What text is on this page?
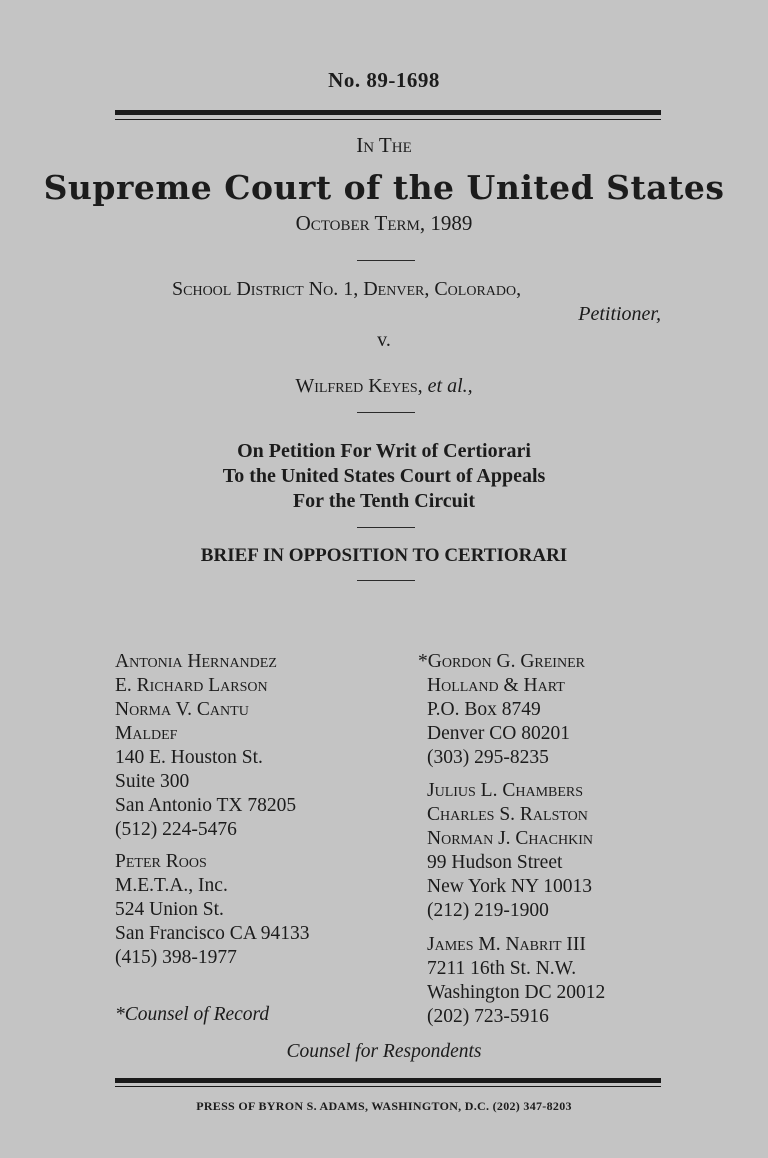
No. 89-1698
In The
Supreme Court of the United States
October Term, 1989
School District No. 1, Denver, Colorado,
Petitioner,
v.
Wilfred Keyes, et al.,
On Petition For Writ of Certiorari
To the United States Court of Appeals
For the Tenth Circuit
BRIEF IN OPPOSITION TO CERTIORARI
Antonia Hernandez
E. Richard Larson
Norma V. Cantu
Maldef
140 E. Houston St.
Suite 300
San Antonio TX 78205
(512) 224-5476
Peter Roos
M.E.T.A., Inc.
524 Union St.
San Francisco CA 94133
(415) 398-1977
*Counsel of Record
*Gordon G. Greiner
Holland & Hart
P.O. Box 8749
Denver CO 80201
(303) 295-8235
Julius L. Chambers
Charles S. Ralston
Norman J. Chachkin
99 Hudson Street
New York NY 10013
(212) 219-1900
James M. Nabrit III
7211 16th St. N.W.
Washington DC 20012
(202) 723-5916
Counsel for Respondents
PRESS OF BYRON S. ADAMS, WASHINGTON, D.C. (202) 347-8203
